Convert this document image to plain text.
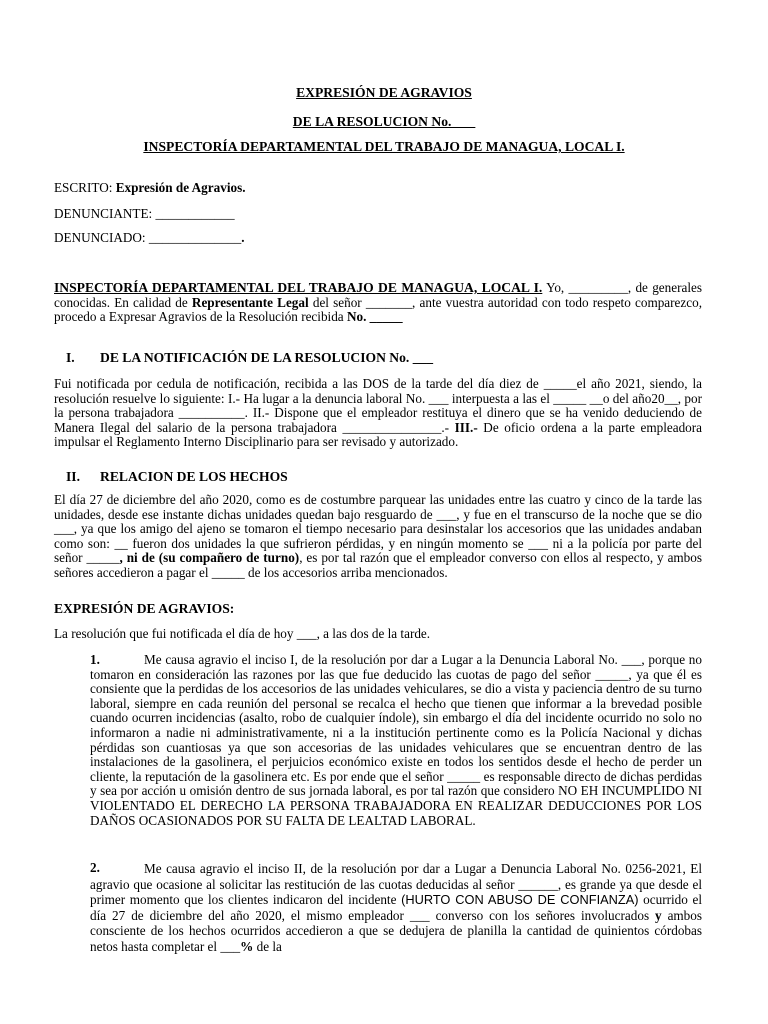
EXPRESIÓN DE AGRAVIOS
DE LA RESOLUCION No. ___
INSPECTORÍA DEPARTAMENTAL DEL TRABAJO DE MANAGUA, LOCAL I.
ESCRITO: Expresión de Agravios.
DENUNCIANTE: ____________
DENUNCIADO: ______________.
INSPECTORÍA DEPARTAMENTAL DEL TRABAJO DE MANAGUA, LOCAL I. Yo, _________, de generales conocidas. En calidad de Representante Legal del señor _______, ante vuestra autoridad con todo respeto comparezco, procedo a Expresar Agravios de la Resolución recibida No. _____
I. DE LA NOTIFICACIÓN DE LA RESOLUCION No. ___
Fui notificada por cedula de notificación, recibida a las DOS de la tarde del día diez de _____el año 2021, siendo, la resolución resuelve lo siguiente: I.- Ha lugar a la denuncia laboral No. ___ interpuesta a las el _____ __o del año20__, por la persona trabajadora __________. II.- Dispone que el empleador restituya el dinero que se ha venido deduciendo de Manera Ilegal del salario de la persona trabajadora _______________.- III.- De oficio ordena a la parte empleadora impulsar el Reglamento Interno Disciplinario para ser revisado y autorizado.
II. RELACION DE LOS HECHOS
El día 27 de diciembre del año 2020, como es de costumbre parquear las unidades entre las cuatro y cinco de la tarde las unidades, desde ese instante dichas unidades quedan bajo resguardo de ___, y fue en el transcurso de la noche que se dio ___, ya que los amigo del ajeno se tomaron el tiempo necesario para desinstalar los accesorios que las unidades andaban como son: __ fueron dos unidades la que sufrieron pérdidas, y en ningún momento se ___ ni a la policía por parte del señor _____, ni de (su compañero de turno), es por tal razón que el empleador converso con ellos al respecto, y ambos señores accedieron a pagar el _____ de los accesorios arriba mencionados.
EXPRESIÓN DE AGRAVIOS:
La resolución que fui notificada el día de hoy ___, a las dos de la tarde.
1.	Me causa agravio el inciso I, de la resolución por dar a Lugar a la Denuncia Laboral No. ___, porque no tomaron en consideración las razones por las que fue deducido las cuotas de pago del señor _____, ya que él es consiente que la perdidas de los accesorios de las unidades vehiculares, se dio a vista y paciencia dentro de su turno laboral, siempre en cada reunión del personal se recalca el hecho que tienen que informar a la brevedad posible cuando ocurren incidencias (asalto, robo de cualquier índole), sin embargo el día del incidente ocurrido no solo no informaron a nadie ni administrativamente, ni a la institución pertinente como es la Policía Nacional y dichas pérdidas son cuantiosas ya que son accesorias de las unidades vehiculares que se encuentran dentro de las instalaciones de la gasolinera, el perjuicios económico existe en todos los sentidos desde el hecho de perder un cliente, la reputación de la gasolinera etc. Es por ende que el señor _____ es responsable directo de dichas perdidas y sea por acción u omisión dentro de sus jornada laboral, es por tal razón que considero NO EH INCUMPLIDO NI VIOLENTADO EL DERECHO LA PERSONA TRABAJADORA EN REALIZAR DEDUCCIONES POR LOS DAÑOS OCASIONADOS POR SU FALTA DE LEALTAD LABORAL.
2.	Me causa agravio el inciso II, de la resolución por dar a Lugar a Denuncia Laboral No. 0256-2021, El agravio que ocasione al solicitar las restitución de las cuotas deducidas al señor ______, es grande ya que desde el primer momento que los clientes indicaron del incidente (HURTO CON ABUSO DE CONFIANZA) ocurrido el día 27 de diciembre del año 2020, el mismo empleador ___ converso con los señores involucrados y ambos consciente de los hechos ocurridos accedieron a que se dedujera de planilla la cantidad de quinientos córdobas netos hasta completar el ___% de la
